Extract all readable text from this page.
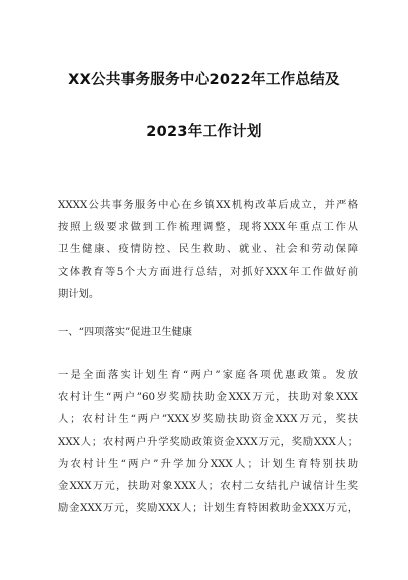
XX公共事务服务中心2022年工作总结及
2023年工作计划
XXXX公共事务服务中心在乡镇XX机构改革后成立，并严格
按照上级要求做到工作梳理调整，现将XXX年重点工作从
卫生健康、疫情防控、民生救助、就业、社会和劳动保障
文体教育等5个大方面进行总结，对抓好XXX年工作做好前
期计划。
一、“四项落实”促进卫生健康
一是全面落实计划生育“两户”家庭各项优惠政策。发放
农村计生“两户”60岁奖励扶助金XXX万元，扶助对象XXX
人；农村计生“两户”XXX岁奖励扶助资金XXX万元，奖扶
XXX人；农村两户升学奖励政策资金XXX万元，奖励XXX人；
为农村计生“两户”升学加分XXX人；计划生育特别扶助
金XXX万元，扶助对象XXX人；农村二女结扎户诚信计生奖
励金XXX万元，奖励XXX人；计划生育特困救助金XXX万元，
